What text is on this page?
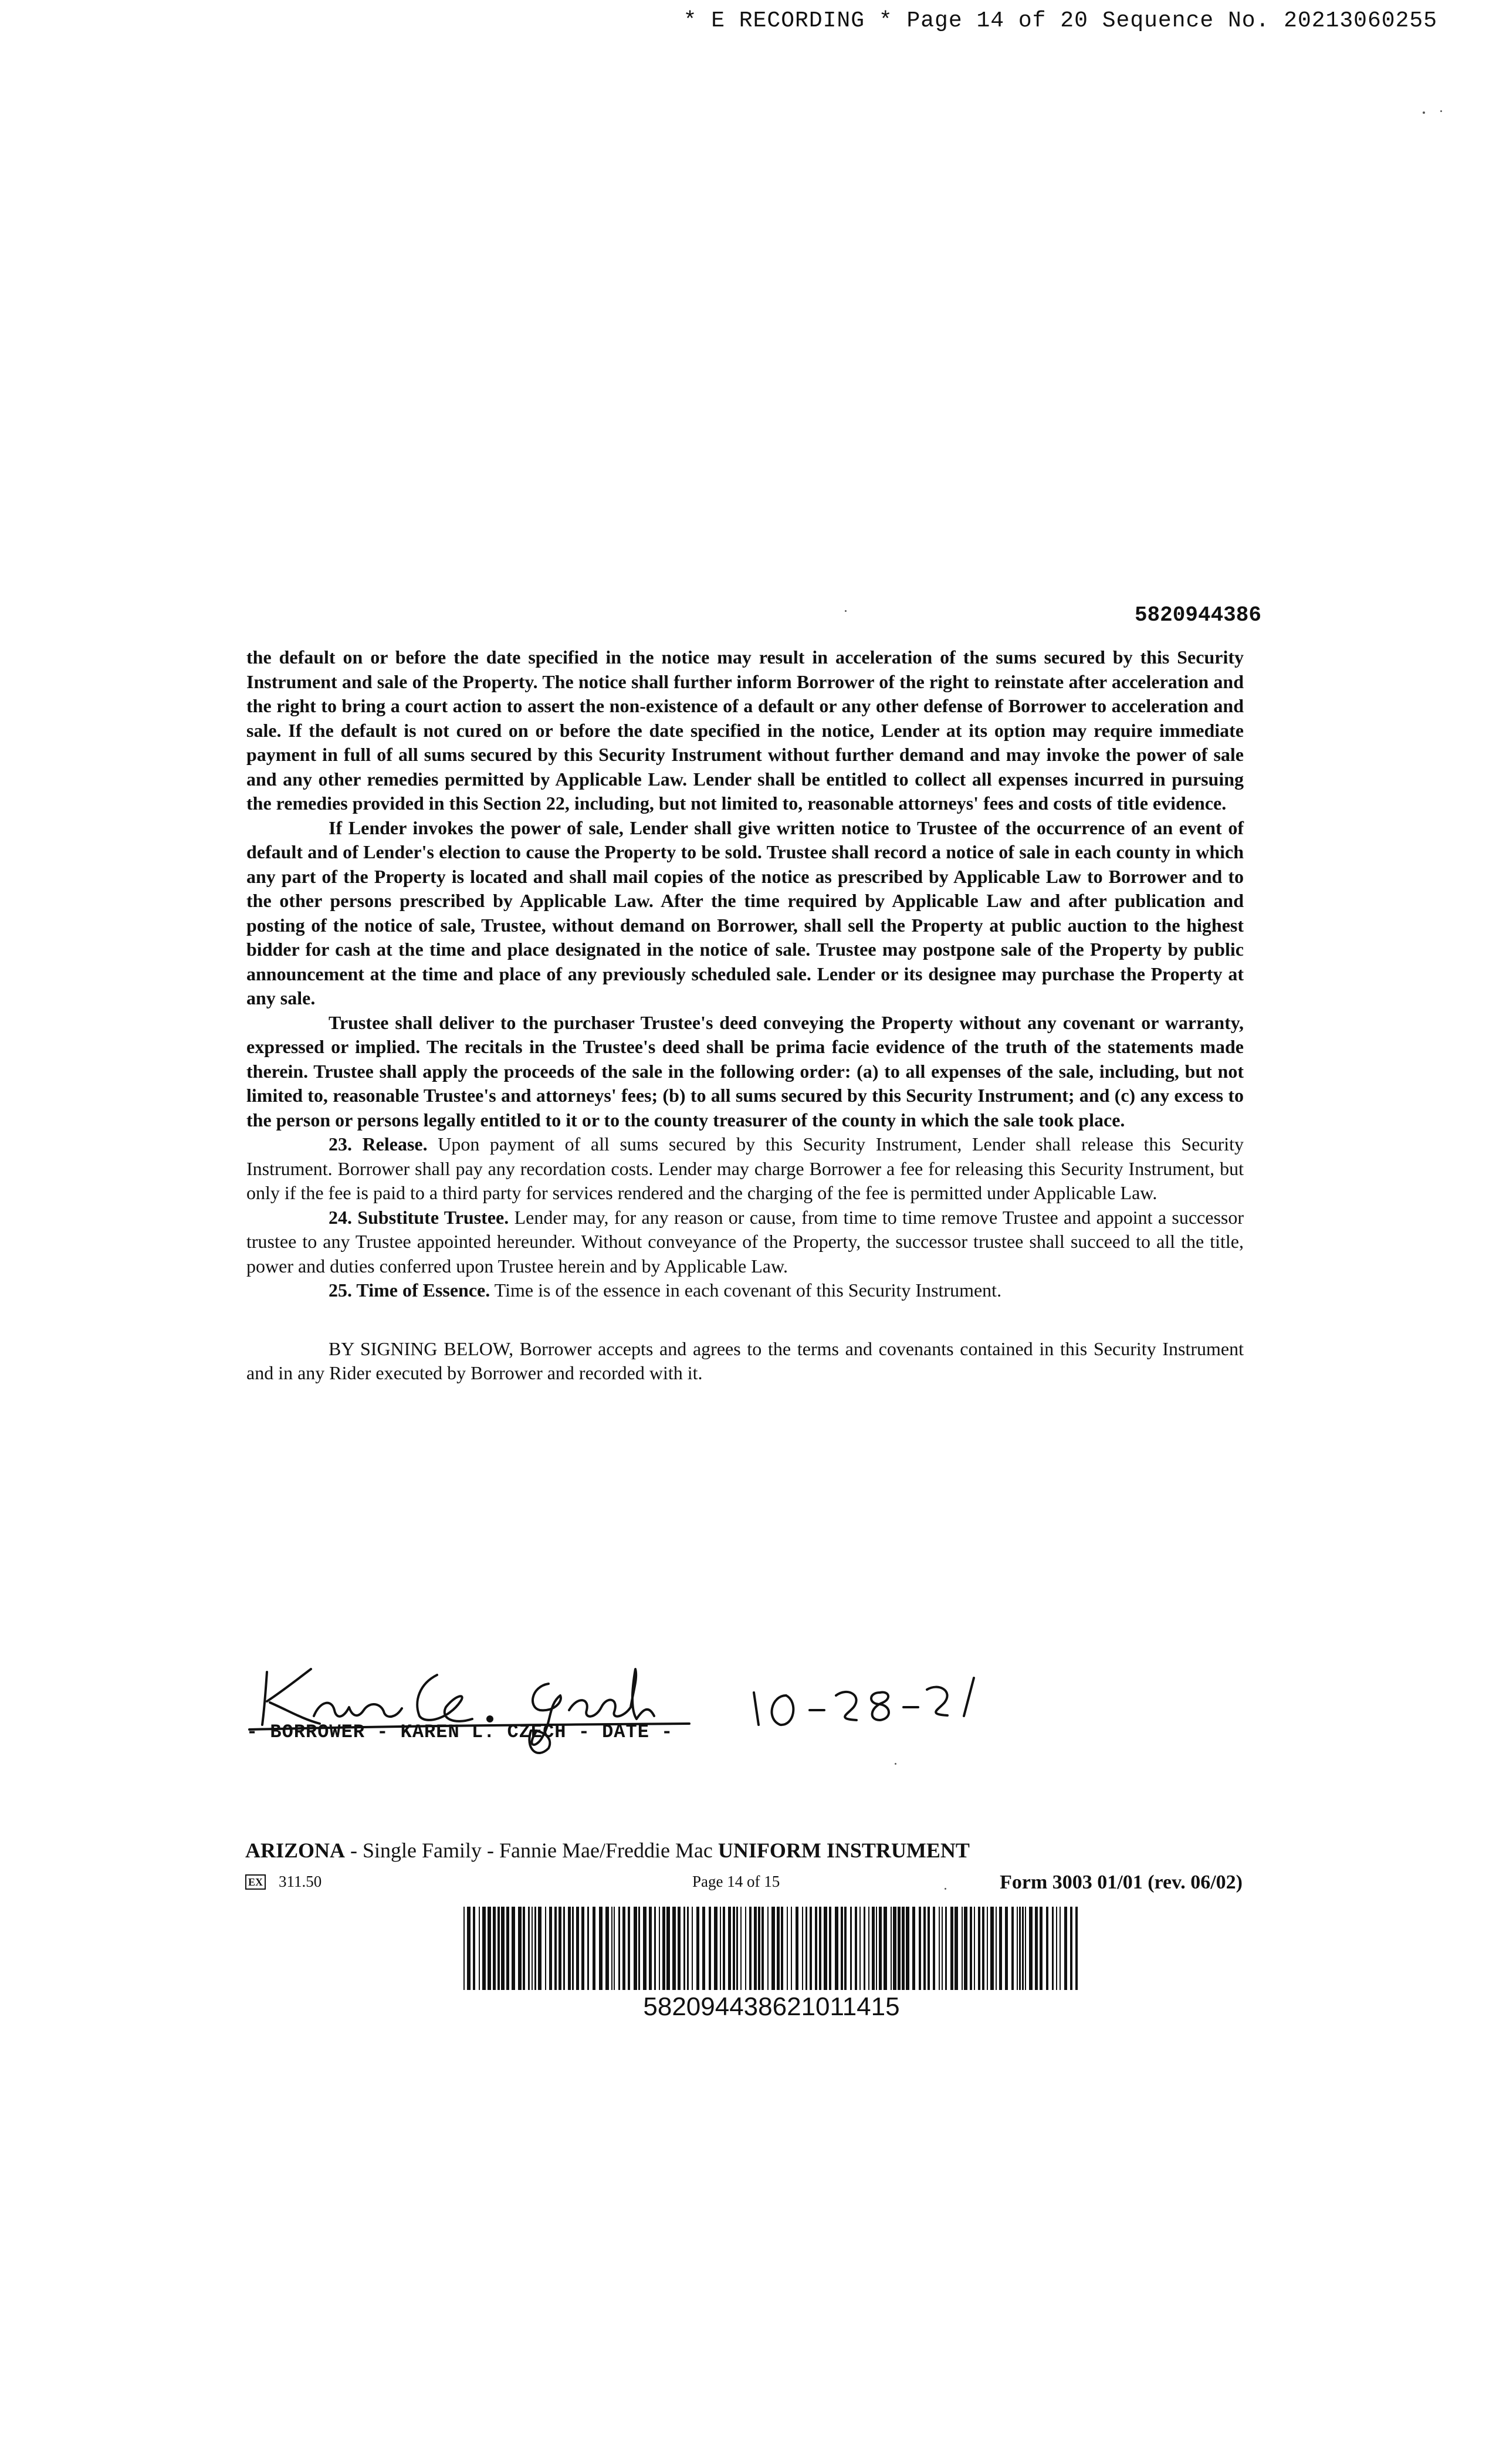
* E RECORDING * Page 14 of 20 Sequence No. 20213060255
5820944386

the default on or before the date specified in the notice may result in acceleration of the sums secured by this Security Instrument and sale of the Property. The notice shall further inform Borrower of the right to reinstate after acceleration and the right to bring a court action to assert the non-existence of a default or any other defense of Borrower to acceleration and sale. If the default is not cured on or before the date specified in the notice, Lender at its option may require immediate payment in full of all sums secured by this Security Instrument without further demand and may invoke the power of sale and any other remedies permitted by Applicable Law. Lender shall be entitled to collect all expenses incurred in pursuing the remedies provided in this Section 22, including, but not limited to, reasonable attorneys' fees and costs of title evidence.

If Lender invokes the power of sale, Lender shall give written notice to Trustee of the occurrence of an event of default and of Lender's election to cause the Property to be sold. Trustee shall record a notice of sale in each county in which any part of the Property is located and shall mail copies of the notice as prescribed by Applicable Law to Borrower and to the other persons prescribed by Applicable Law. After the time required by Applicable Law and after publication and posting of the notice of sale, Trustee, without demand on Borrower, shall sell the Property at public auction to the highest bidder for cash at the time and place designated in the notice of sale. Trustee may postpone sale of the Property by public announcement at the time and place of any previously scheduled sale. Lender or its designee may purchase the Property at any sale.

Trustee shall deliver to the purchaser Trustee's deed conveying the Property without any covenant or warranty, expressed or implied. The recitals in the Trustee's deed shall be prima facie evidence of the truth of the statements made therein. Trustee shall apply the proceeds of the sale in the following order: (a) to all expenses of the sale, including, but not limited to, reasonable Trustee's and attorneys' fees; (b) to all sums secured by this Security Instrument; and (c) any excess to the person or persons legally entitled to it or to the county treasurer of the county in which the sale took place.

23. Release. Upon payment of all sums secured by this Security Instrument, Lender shall release this Security Instrument. Borrower shall pay any recordation costs. Lender may charge Borrower a fee for releasing this Security Instrument, but only if the fee is paid to a third party for services rendered and the charging of the fee is permitted under Applicable Law.

24. Substitute Trustee. Lender may, for any reason or cause, from time to time remove Trustee and appoint a successor trustee to any Trustee appointed hereunder. Without conveyance of the Property, the successor trustee shall succeed to all the title, power and duties conferred upon Trustee herein and by Applicable Law.

25. Time of Essence. Time is of the essence in each covenant of this Security Instrument.

BY SIGNING BELOW, Borrower accepts and agrees to the terms and covenants contained in this Security Instrument and in any Rider executed by Borrower and recorded with it.

Karen L. Czech
- BORROWER - KAREN L. CZECH - DATE -
ARIZONA - Single Family - Fannie Mae/Freddie Mac UNIFORM INSTRUMENT
EX 311.50	Page 14 of 15	Form 3003 01/01 (rev. 06/02)
582094438621011415
